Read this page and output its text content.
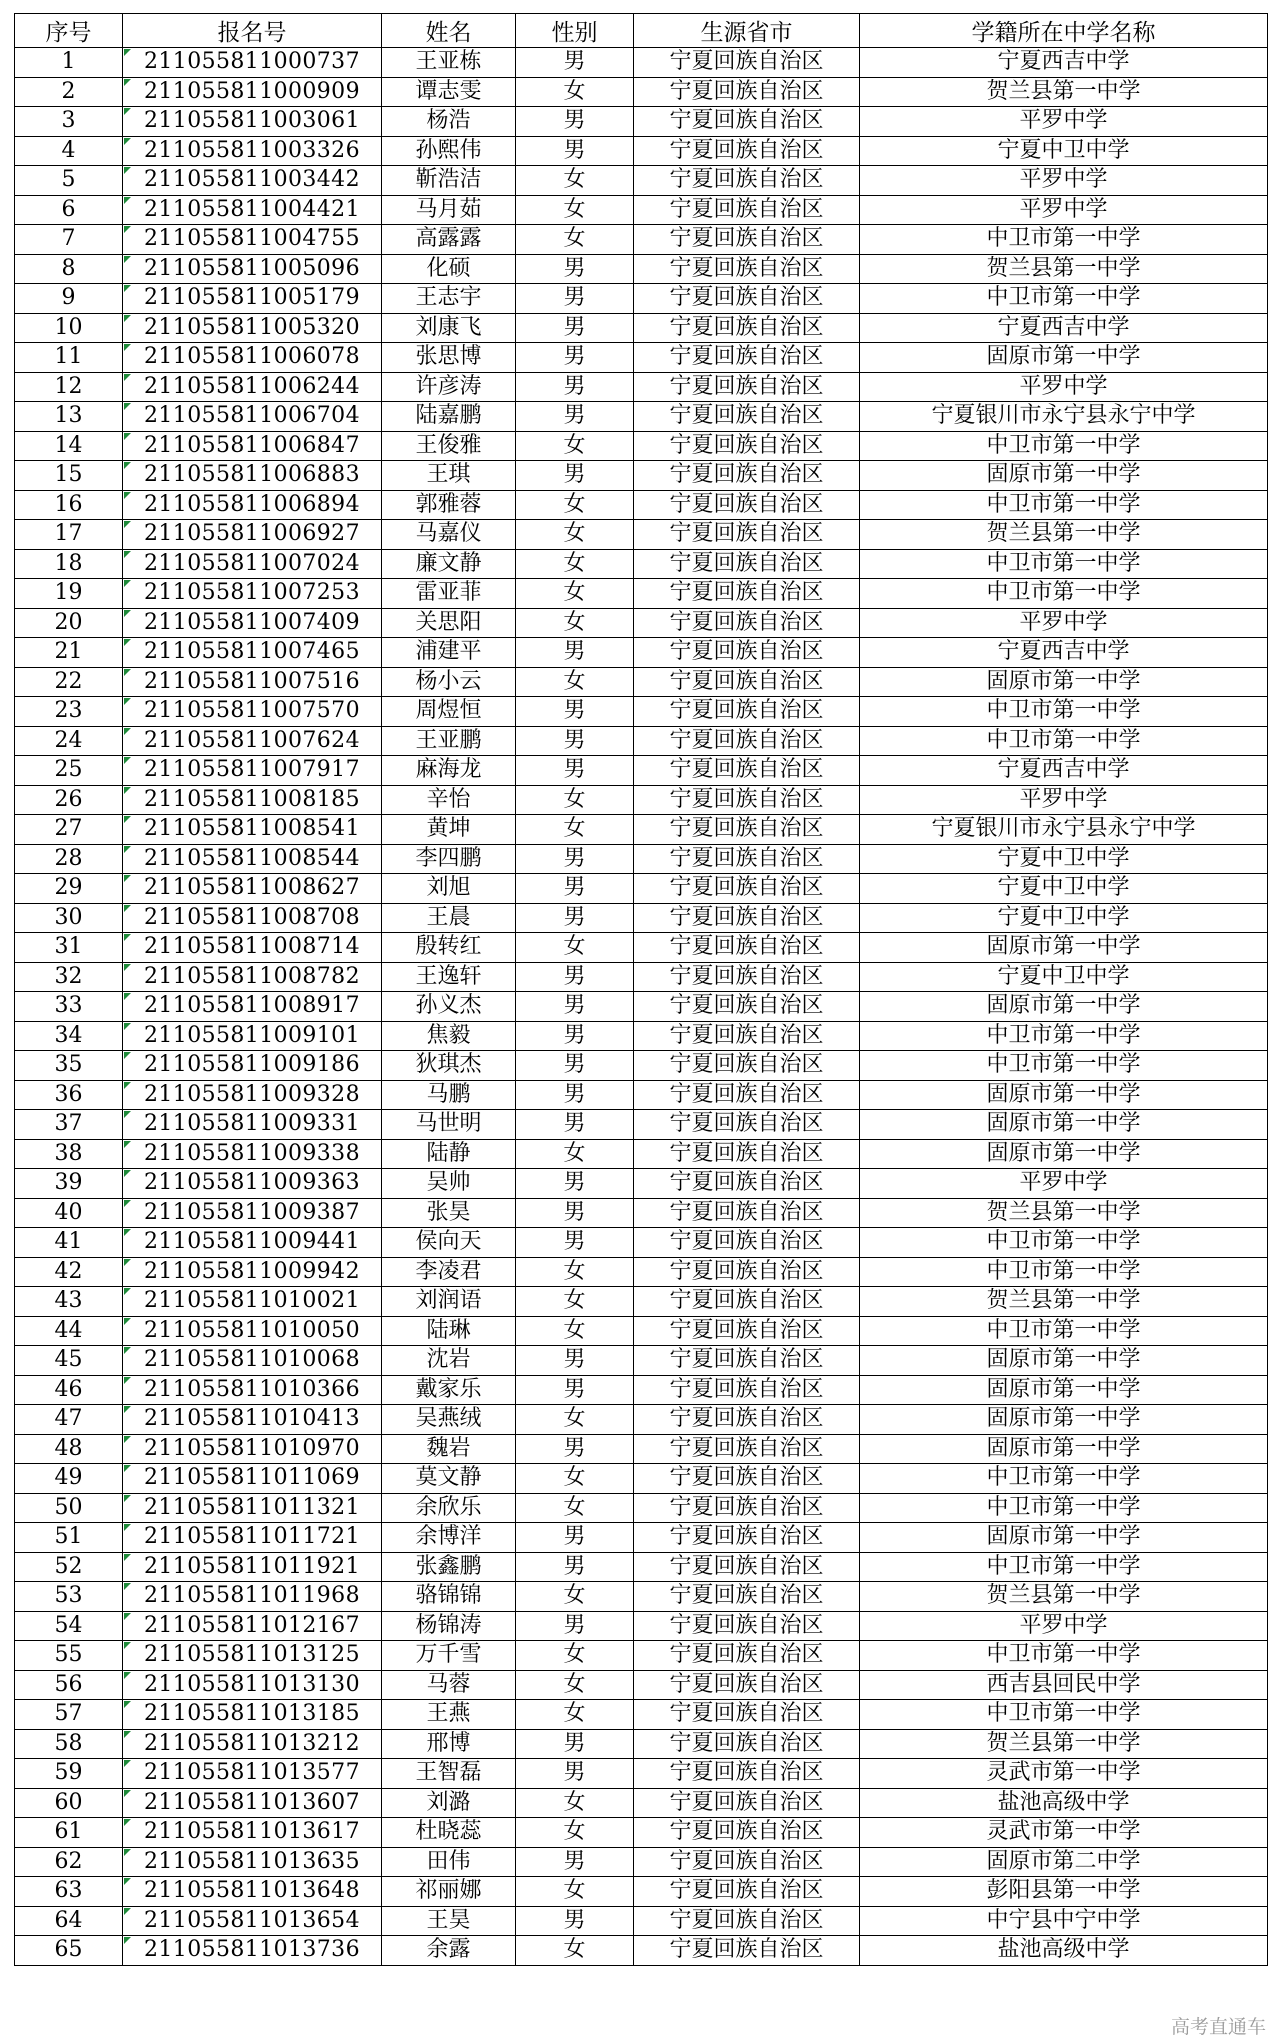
序号	报名号	姓名	性别	生源省市	学籍所在中学名称
1	211055811000737	王亚栋	男	宁夏回族自治区	宁夏西吉中学
2	211055811000909	谭志雯	女	宁夏回族自治区	贺兰县第一中学
3	211055811003061	杨浩	男	宁夏回族自治区	平罗中学
4	211055811003326	孙熙伟	男	宁夏回族自治区	宁夏中卫中学
5	211055811003442	靳浩洁	女	宁夏回族自治区	平罗中学
6	211055811004421	马月茹	女	宁夏回族自治区	平罗中学
7	211055811004755	高露露	女	宁夏回族自治区	中卫市第一中学
8	211055811005096	化硕	男	宁夏回族自治区	贺兰县第一中学
9	211055811005179	王志宇	男	宁夏回族自治区	中卫市第一中学
10	211055811005320	刘康飞	男	宁夏回族自治区	宁夏西吉中学
11	211055811006078	张思博	男	宁夏回族自治区	固原市第一中学
12	211055811006244	许彦涛	男	宁夏回族自治区	平罗中学
13	211055811006704	陆嘉鹏	男	宁夏回族自治区	宁夏银川市永宁县永宁中学
14	211055811006847	王俊雅	女	宁夏回族自治区	中卫市第一中学
15	211055811006883	王琪	男	宁夏回族自治区	固原市第一中学
16	211055811006894	郭雅蓉	女	宁夏回族自治区	中卫市第一中学
17	211055811006927	马嘉仪	女	宁夏回族自治区	贺兰县第一中学
18	211055811007024	廉文静	女	宁夏回族自治区	中卫市第一中学
19	211055811007253	雷亚菲	女	宁夏回族自治区	中卫市第一中学
20	211055811007409	关思阳	女	宁夏回族自治区	平罗中学
21	211055811007465	浦建平	男	宁夏回族自治区	宁夏西吉中学
22	211055811007516	杨小云	女	宁夏回族自治区	固原市第一中学
23	211055811007570	周煜恒	男	宁夏回族自治区	中卫市第一中学
24	211055811007624	王亚鹏	男	宁夏回族自治区	中卫市第一中学
25	211055811007917	麻海龙	男	宁夏回族自治区	宁夏西吉中学
26	211055811008185	辛怡	女	宁夏回族自治区	平罗中学
27	211055811008541	黄坤	女	宁夏回族自治区	宁夏银川市永宁县永宁中学
28	211055811008544	李四鹏	男	宁夏回族自治区	宁夏中卫中学
29	211055811008627	刘旭	男	宁夏回族自治区	宁夏中卫中学
30	211055811008708	王晨	男	宁夏回族自治区	宁夏中卫中学
31	211055811008714	殷转红	女	宁夏回族自治区	固原市第一中学
32	211055811008782	王逸轩	男	宁夏回族自治区	宁夏中卫中学
33	211055811008917	孙义杰	男	宁夏回族自治区	固原市第一中学
34	211055811009101	焦毅	男	宁夏回族自治区	中卫市第一中学
35	211055811009186	狄琪杰	男	宁夏回族自治区	中卫市第一中学
36	211055811009328	马鹏	男	宁夏回族自治区	固原市第一中学
37	211055811009331	马世明	男	宁夏回族自治区	固原市第一中学
38	211055811009338	陆静	女	宁夏回族自治区	固原市第一中学
39	211055811009363	吴帅	男	宁夏回族自治区	平罗中学
40	211055811009387	张昊	男	宁夏回族自治区	贺兰县第一中学
41	211055811009441	侯向天	男	宁夏回族自治区	中卫市第一中学
42	211055811009942	李凌君	女	宁夏回族自治区	中卫市第一中学
43	211055811010021	刘润语	女	宁夏回族自治区	贺兰县第一中学
44	211055811010050	陆琳	女	宁夏回族自治区	中卫市第一中学
45	211055811010068	沈岩	男	宁夏回族自治区	固原市第一中学
46	211055811010366	戴家乐	男	宁夏回族自治区	固原市第一中学
47	211055811010413	吴燕绒	女	宁夏回族自治区	固原市第一中学
48	211055811010970	魏岩	男	宁夏回族自治区	固原市第一中学
49	211055811011069	莫文静	女	宁夏回族自治区	中卫市第一中学
50	211055811011321	余欣乐	女	宁夏回族自治区	中卫市第一中学
51	211055811011721	余博洋	男	宁夏回族自治区	固原市第一中学
52	211055811011921	张鑫鹏	男	宁夏回族自治区	中卫市第一中学
53	211055811011968	骆锦锦	女	宁夏回族自治区	贺兰县第一中学
54	211055811012167	杨锦涛	男	宁夏回族自治区	平罗中学
55	211055811013125	万千雪	女	宁夏回族自治区	中卫市第一中学
56	211055811013130	马蓉	女	宁夏回族自治区	西吉县回民中学
57	211055811013185	王燕	女	宁夏回族自治区	中卫市第一中学
58	211055811013212	邢博	男	宁夏回族自治区	贺兰县第一中学
59	211055811013577	王智磊	男	宁夏回族自治区	灵武市第一中学
60	211055811013607	刘潞	女	宁夏回族自治区	盐池高级中学
61	211055811013617	杜晓蕊	女	宁夏回族自治区	灵武市第一中学
62	211055811013635	田伟	男	宁夏回族自治区	固原市第二中学
63	211055811013648	祁丽娜	女	宁夏回族自治区	彭阳县第一中学
64	211055811013654	王昊	男	宁夏回族自治区	中宁县中宁中学
65	211055811013736	余露	女	宁夏回族自治区	盐池高级中学
高考直通车
